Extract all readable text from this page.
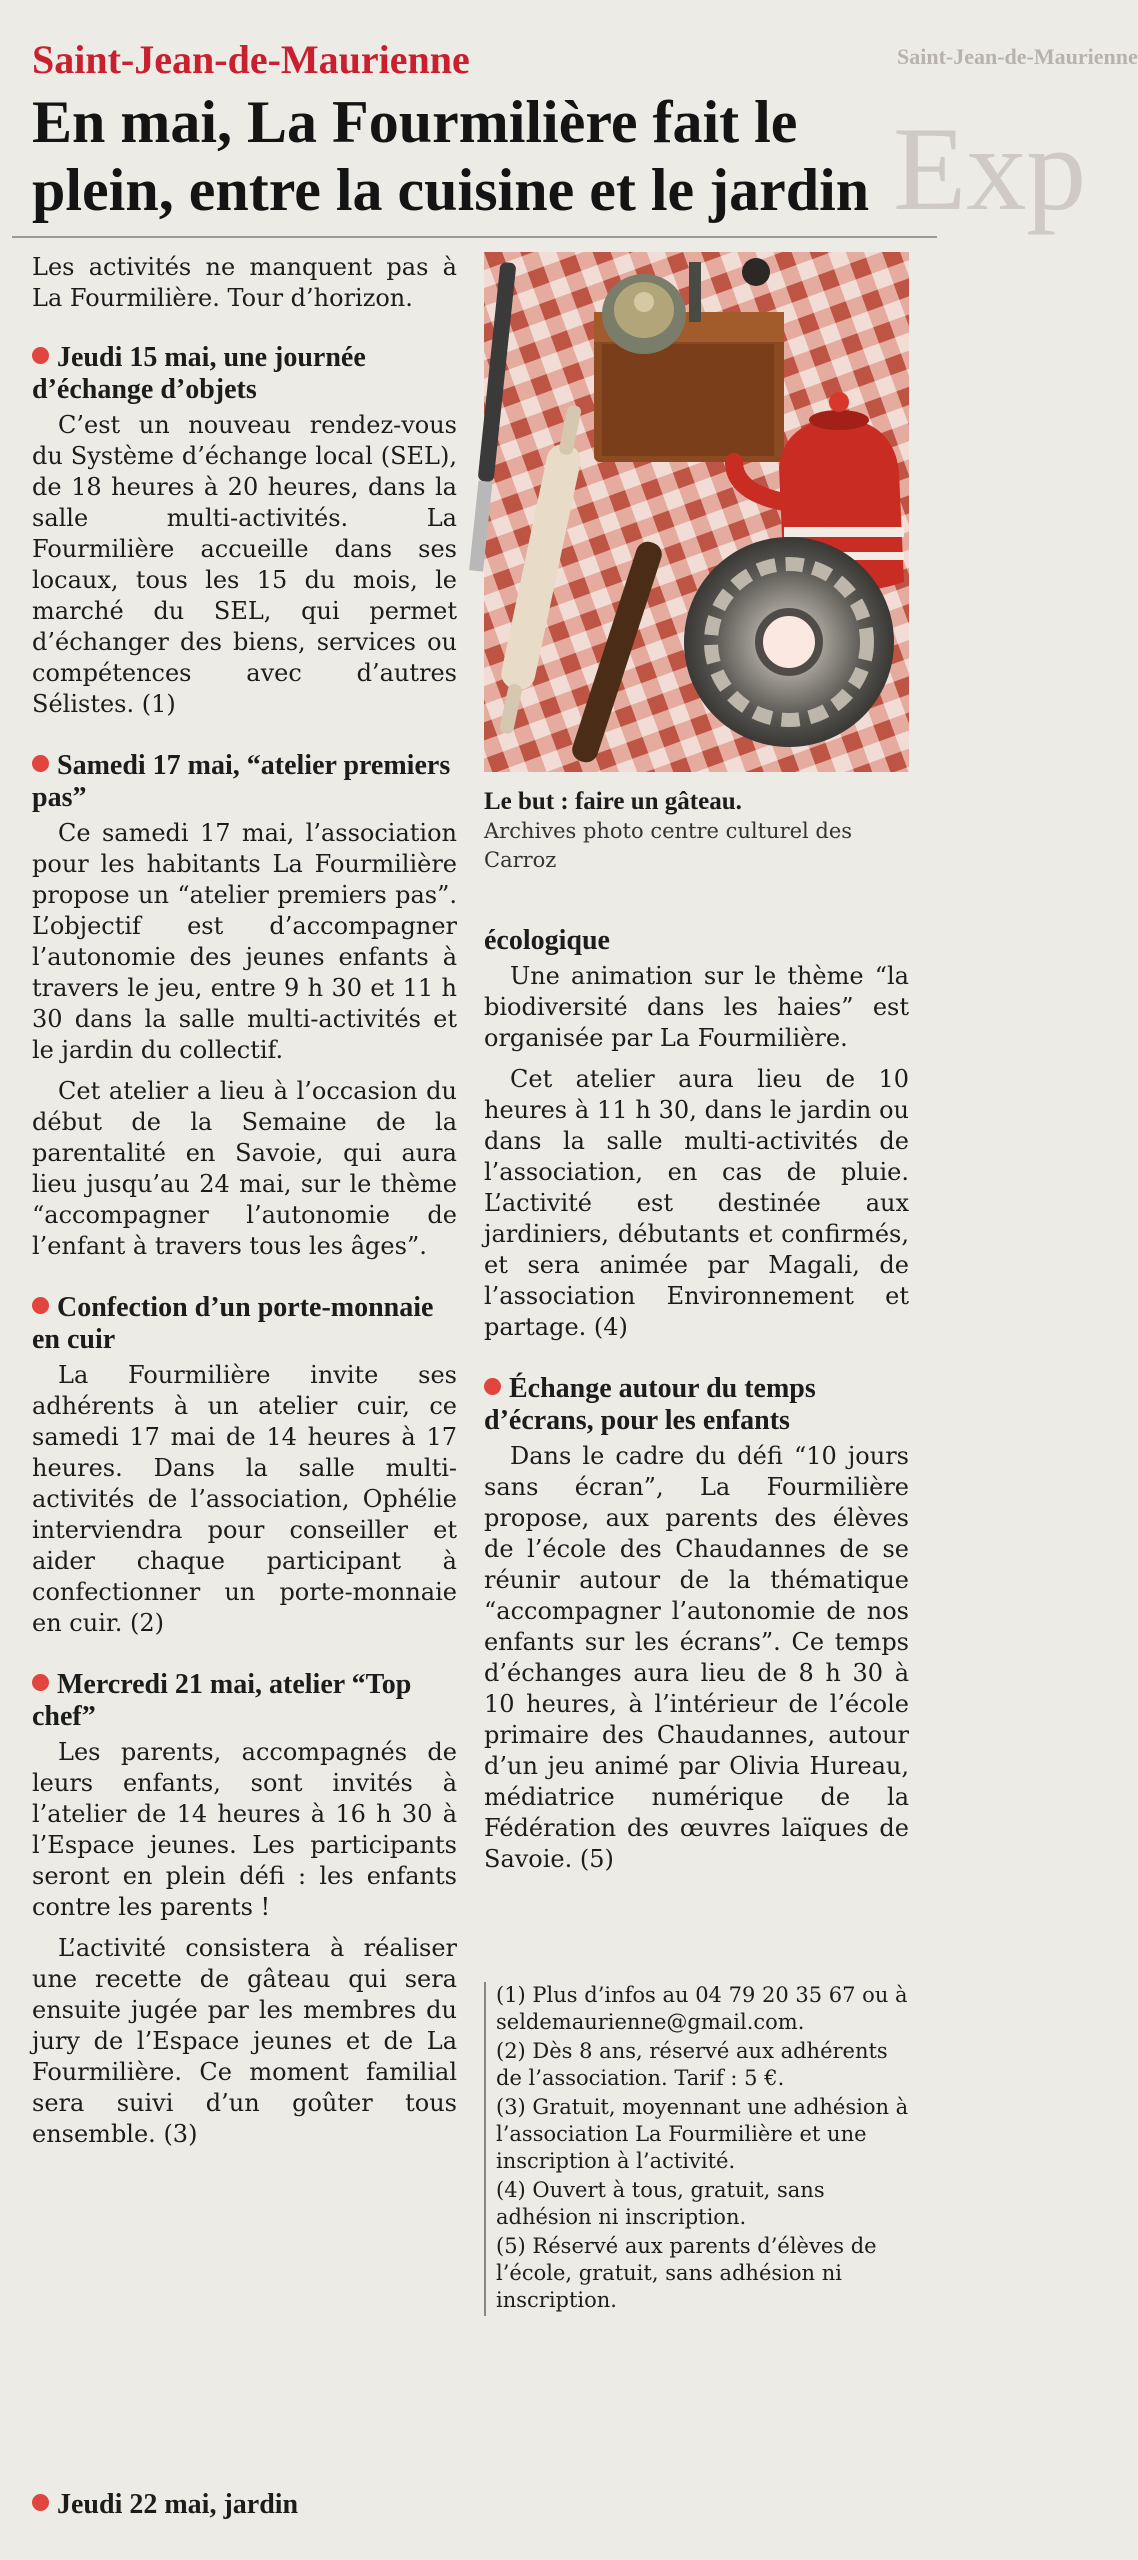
Saint-Jean-de-Maurienne
Exp
Saint-Jean-de-Maurienne
En mai, La Fourmilière fait le plein, entre la cuisine et le jardin

Les activités ne manquent pas à La Fourmilière. Tour d’horizon.

Jeudi 15 mai, une journée d’échange d’objets

C’est un nouveau rendez-vous du Système d’échange local (SEL), de 18 heures à 20 heures, dans la salle multi-activités. La Fourmilière accueille dans ses locaux, tous les 15 du mois, le marché du SEL, qui permet d’échanger des biens, services ou compétences avec d’autres Sélistes. (1)

Samedi 17 mai, “atelier premiers pas”

Ce samedi 17 mai, l’association pour les habitants La Fourmilière propose un “atelier premiers pas”. L’objectif est d’accompagner l’autonomie des jeunes enfants à travers le jeu, entre 9 h 30 et 11 h 30 dans la salle multi-activités et le jardin du collectif.

Cet atelier a lieu à l’occasion du début de la Semaine de la parentalité en Savoie, qui aura lieu jusqu’au 24 mai, sur le thème “accompagner l’autonomie de l’enfant à travers tous les âges”.

Confection d’un porte-monnaie en cuir

La Fourmilière invite ses adhérents à un atelier cuir, ce samedi 17 mai de 14 heures à 17 heures. Dans la salle multi-activités de l’association, Ophélie interviendra pour conseiller et aider chaque participant à confectionner un porte-monnaie en cuir. (2)

Mercredi 21 mai, atelier “Top chef”

Les parents, accompagnés de leurs enfants, sont invités à l’atelier de 14 heures à 16 h 30 à l’Espace jeunes. Les participants seront en plein défi : les enfants contre les parents !

L’activité consistera à réaliser une recette de gâteau qui sera ensuite jugée par les membres du jury de l’Espace jeunes et de La Fourmilière. Ce moment familial sera suivi d’un goûter tous ensemble. (3)

Jeudi 22 mai, jardin
Le but : faire un gâteau.
Archives photo centre culturel des Carroz
écologique

Une animation sur le thème “la biodiversité dans les haies” est organisée par La Fourmilière.

Cet atelier aura lieu de 10 heures à 11 h 30, dans le jardin ou dans la salle multi-activités de l’association, en cas de pluie. L’activité est destinée aux jardiniers, débutants et confirmés, et sera animée par Magali, de l’association Environnement et partage. (4)

Échange autour du temps d’écrans, pour les enfants

Dans le cadre du défi “10 jours sans écran”, La Fourmilière propose, aux parents des élèves de l’école des Chaudannes de se réunir autour de la thématique “accompagner l’autonomie de nos enfants sur les écrans”. Ce temps d’échanges aura lieu de 8 h 30 à 10 heures, à l’intérieur de l’école primaire des Chaudannes, autour d’un jeu animé par Olivia Hureau, médiatrice numérique de la Fédération des œuvres laïques de Savoie. (5)

(1) Plus d’infos au 04 79 20 35 67 ou à seldemaurienne@gmail.com.

(2) Dès 8 ans, réservé aux adhérents de l’association. Tarif : 5 €.

(3) Gratuit, moyennant une adhésion à l’association La Fourmilière et une inscription à l’activité.

(4) Ouvert à tous, gratuit, sans adhésion ni inscription.

(5) Réservé aux parents d’élèves de l’école, gratuit, sans adhésion ni inscription.
